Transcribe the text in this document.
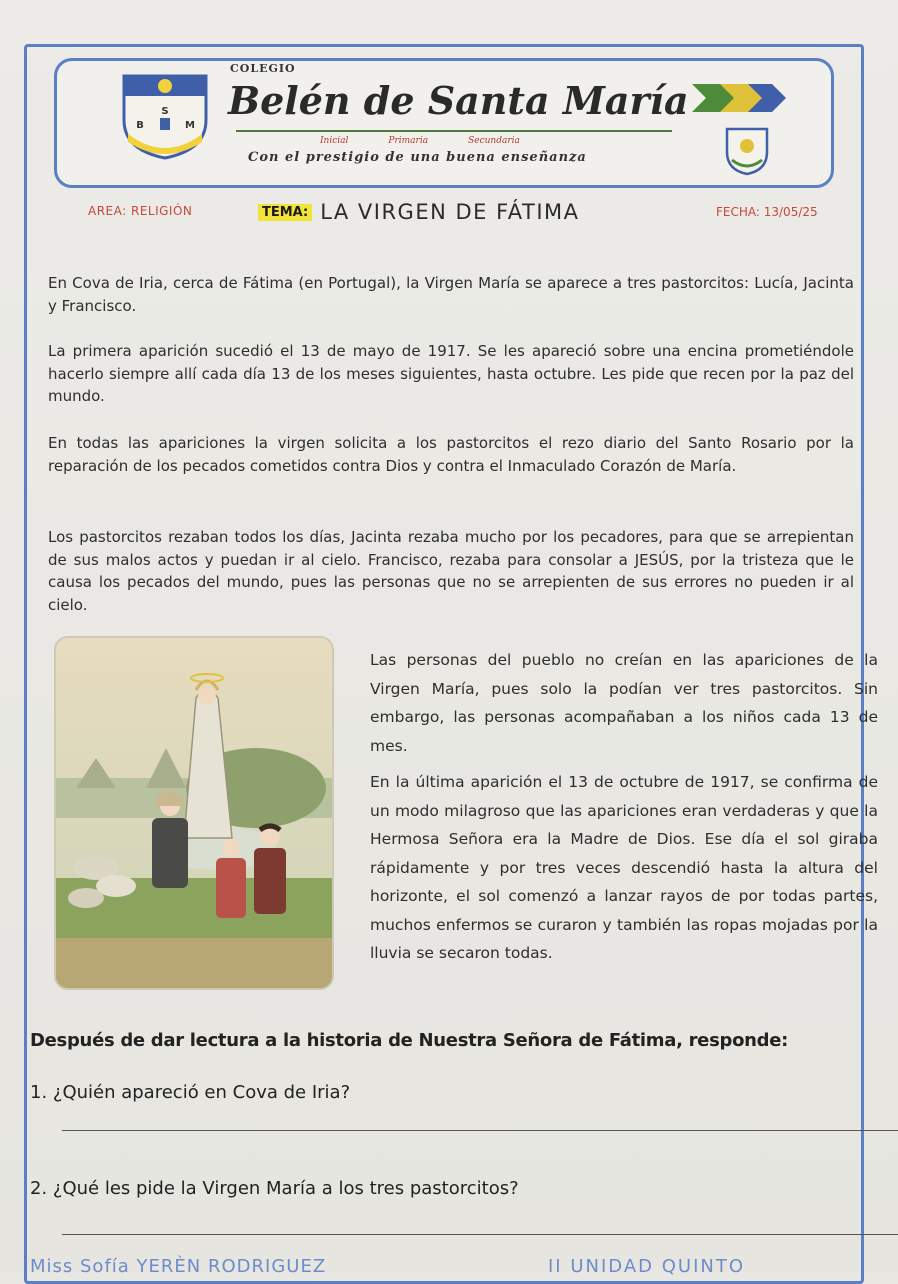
S
B	M
COLEGIO
Belén de Santa María
Inicial	Primaria	Secundaria
Con el prestigio de una buena enseñanza
AREA: RELIGIÓN	TEMA: LA VIRGEN DE FÁTIMA	FECHA: 13/05/25
En Cova de Iria, cerca de Fátima (en Portugal), la Virgen María se aparece a tres pastorcitos: Lucía, Jacinta y Francisco.
La primera aparición sucedió el 13 de mayo de 1917. Se les apareció sobre una encina prometiéndole hacerlo siempre allí cada día 13 de los meses siguientes, hasta octubre. Les pide que recen por la paz del mundo.
En todas las apariciones la virgen solicita a los pastorcitos el rezo diario del Santo Rosario por la reparación de los pecados cometidos contra Dios y contra el Inmaculado Corazón de María.
Los pastorcitos rezaban todos los días, Jacinta rezaba mucho por los pecadores, para que se arrepientan de sus malos actos y puedan ir al cielo. Francisco, rezaba para consolar a JESÚS, por la tristeza que le causa los pecados del mundo, pues las personas que no se arrepienten de sus errores no pueden ir al cielo.
Las personas del pueblo no creían en las apariciones de la Virgen María, pues solo la podían ver tres pastorcitos. Sin embargo, las personas acompañaban a los niños cada 13 de mes.
En la última aparición el 13 de octubre de 1917, se confirma de un modo milagroso que las apariciones eran verdaderas y que la Hermosa Señora era la Madre de Dios. Ese día el sol giraba rápidamente y por tres veces descendió hasta la altura del horizonte, el sol comenzó a lanzar rayos de por todas partes, muchos enfermos se curaron y también las ropas mojadas por la lluvia se secaron todas.
Después de dar lectura a la historia de Nuestra Señora de Fátima, responde:
1. ¿Quién apareció en Cova de Iria?
2. ¿Qué les pide la Virgen María a los tres pastorcitos?
Miss Sofía YERÈN RODRIGUEZ	II UNIDAD QUINTO
